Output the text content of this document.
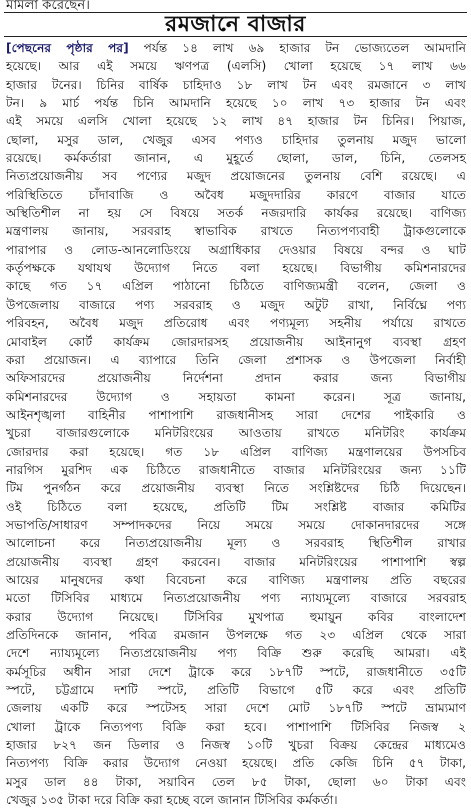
মামলা করেছেন।
রমজানে বাজার
[পেছনের পৃষ্ঠার পর] পর্যন্ত ১৪ লাখ ৬৯ হাজার টন ভোজ্যতেল আমদানি
হয়েছে। আর এই সময়ে ঋণপত্র (এলসি) খোলা হয়েছে ১৭ লাখ ৬৬
হাজার টনের। চিনির বার্ষিক চাহিদাও ১৮ লাখ টন এবং রমজানে ৩ লাখ
টন। ৯ মার্চ পর্যন্ত চিনি আমদানি হয়েছে ১০ লাখ ৭৩ হাজার টন এবং
এই সময়ে এলসি খোলা হয়েছে ১২ লাখ ৪৭ হাজার টন চিনির। পিয়াজ,
ছোলা, মসুর ডাল, খেজুর এসব পণ্যও চাহিদার তুলনায় মজুদ ভালো
রয়েছে। কর্মকর্তারা জানান, এ মুহূর্তে ছোলা, ডাল, চিনি, তেলসহ
নিত্যপ্রয়োজনীয় সব পণ্যের মজুদ প্রয়োজনের তুলনায় বেশি রয়েছে। এ
পরিস্থিতিতে চাঁদাবাজি ও অবৈধ মজুদদারির কারণে বাজার যাতে
অস্থিতিশীল না হয় সে বিষয়ে সতর্ক নজরদারি কার্যকর রয়েছে। বাণিজ্য
মন্ত্রণালয় জানায়, সরবরাহ স্বাভাবিক রাখতে নিত্যপণ্যবাহী ট্রাকগুলোকে
পারাপার ও লোড-আনলোডিংয়ে অগ্রাধিকার দেওয়ার বিষয়ে বন্দর ও ঘাট
কর্তৃপক্ষকে যথাযথ উদ্যোগ নিতে বলা হয়েছে। বিভাগীয় কমিশনারদের
কাছে গত ১৭ এপ্রিল পাঠানো চিঠিতে বাণিজ্যমন্ত্রী বলেন, জেলা ও
উপজেলায় বাজারে পণ্য সরবরাহ ও মজুদ অটুট রাখা, নির্বিঘ্নে পণ্য
পরিবহন, অবৈধ মজুদ প্রতিরোধ এবং পণ্যমূল্য সহনীয় পর্যায়ে রাখতে
মোবাইল কোর্ট কার্যক্রম জোরদারসহ প্রয়োজনীয় আইনানুগ ব্যবস্থা গ্রহণ
করা প্রয়োজন। এ ব্যাপারে তিনি জেলা প্রশাসক ও উপজেলা নির্বাহী
অফিসারদের প্রয়োজনীয় নির্দেশনা প্রদান করার জন্য বিভাগীয়
কমিশনারদের উদ্যোগ ও সহায়তা কামনা করেন। সূত্র জানায়,
আইনশৃঙ্খলা বাহিনীর পাশাপাশি রাজধানীসহ সারা দেশের পাইকারি ও
খুচরা বাজারগুলোকে মনিটরিংয়ের আওতায় রাখতে মনিটরিং কার্যক্রম
জোরদার করা হয়েছে। গত ১৮ এপ্রিল বাণিজ্য মন্ত্রণালয়ের উপসচিব
নারগিস মুরশিদ এক চিঠিতে রাজধানীতে বাজার মনিটরিংয়ের জন্য ১১টি
টিম পুনর্গঠন করে প্রয়োজনীয় ব্যবস্থা নিতে সংশ্লিষ্টদের চিঠি দিয়েছেন।
ওই চিঠিতে বলা হয়েছে, প্রতিটি টিম সংশ্লিষ্ট বাজার কমিটির
সভাপতি/সাধারণ সম্পাদকদের নিয়ে সময়ে সময়ে দোকানদারদের সঙ্গে
আলোচনা করে নিত্যপ্রয়োজনীয় মূল্য ও সরবরাহ স্থিতিশীল রাখার
প্রয়োজনীয় ব্যবস্থা গ্রহণ করবেন। বাজার মনিটরিংয়ের পাশাপাশি স্বল্প
আয়ের মানুষদের কথা বিবেচনা করে বাণিজ্য মন্ত্রণালয় প্রতি বছরের
মতো টিসিবির মাধ্যমে নিত্যপ্রয়োজনীয় পণ্য ন্যায্যমূল্যে বাজারে সরবরাহ
করার উদ্যোগ নিয়েছে। টিসিবির মুখপাত্র হুমায়ুন কবির বাংলাদেশ
প্রতিদিনকে জানান, পবিত্র রমজান উপলক্ষে গত ২৩ এপ্রিল থেকে সারা
দেশে ন্যায্যমূল্যে নিত্যপ্রয়োজনীয় পণ্য বিক্রি শুরু করেছি আমরা। এই
কর্মসূচির অধীন সারা দেশে ট্রাকে করে ১৮৭টি স্পটে, রাজধানীতে ৩৫টি
স্পটে, চট্টগ্রামে দশটি স্পটে, প্রতিটি বিভাগে ৫টি করে এবং প্রতিটি
জেলায় একটি করে স্পটেসহ সারা দেশে মোট ১৮৭টি স্পটে ভ্রাম্যমাণ
খোলা ট্রাকে নিত্যপণ্য বিক্রি করা হবে। পাশাপাশি টিসিবির নিজস্ব ২
হাজার ৮২৭ জন ডিলার ও নিজস্ব ১০টি খুচরা বিক্রয় কেন্দ্রের মাধ্যমেও
নিত্যপণ্য বিক্রি করার উদ্যোগ নেওয়া হয়েছে। প্রতি কেজি চিনি ৫৭ টাকা,
মসুর ডাল ৪৪ টাকা, সয়াবিন তেল ৮৫ টাকা, ছোলা ৬০ টাকা এবং
খেজুর ১৩৫ টাকা দরে বিক্রি করা হচ্ছে বলে জানান টিসিবির কর্মকর্তা।
